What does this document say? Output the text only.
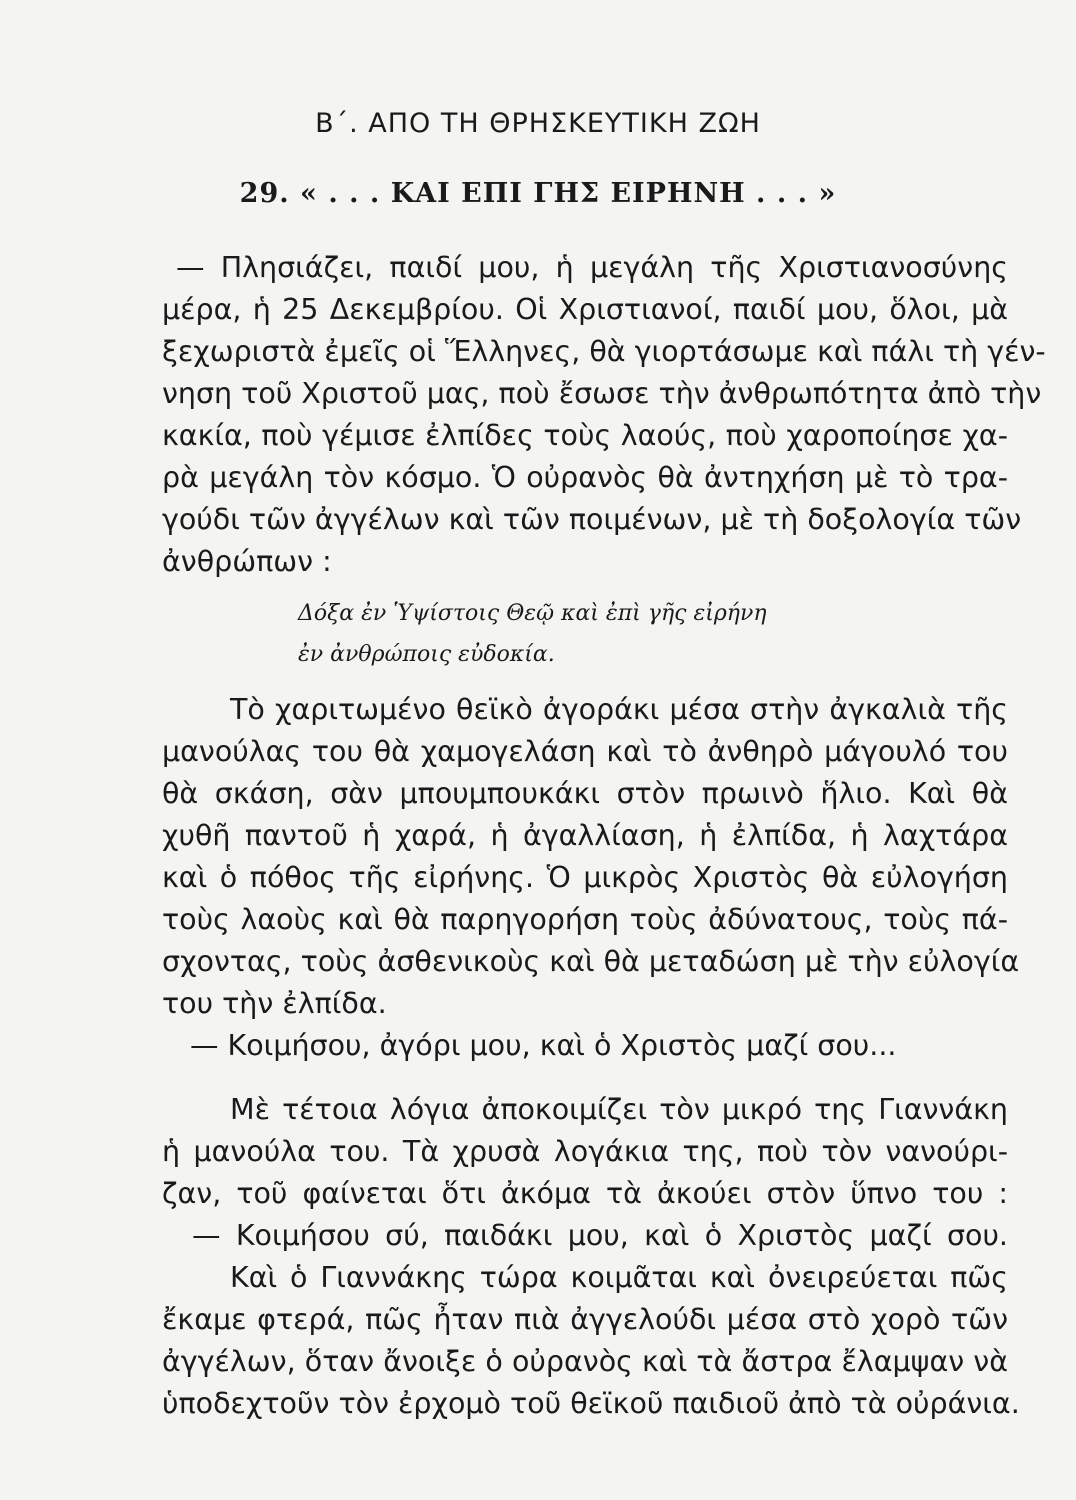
Β΄. ΑΠΟ ΤΗ ΘΡΗΣΚΕΥΤΙΚΗ ΖΩΗ
29. « . . . ΚΑΙ ΕΠΙ ΓΗΣ ΕΙΡΗΝΗ . . . »
— Πλησιάζει, παιδί μου, ἡ μεγάλη τῆς Χριστιανοσύνης
μέρα, ἡ 25 Δεκεμβρίου. Οἱ Χριστιανοί, παιδί μου, ὅλοι, μὰ
ξεχωριστὰ ἐμεῖς οἱ Ἕλληνες, θὰ γιορτάσωμε καὶ πάλι τὴ γέν-
νηση τοῦ Χριστοῦ μας, ποὺ ἔσωσε τὴν ἀνθρωπότητα ἀπὸ τὴν
κακία, ποὺ γέμισε ἐλπίδες τοὺς λαούς, ποὺ χαροποίησε χα-
ρὰ μεγάλη τὸν κόσμο. Ὁ οὐρανὸς θὰ ἀντηχήση μὲ τὸ τρα-
γούδι τῶν ἀγγέλων καὶ τῶν ποιμένων, μὲ τὴ δοξολογία τῶν
ἀνθρώπων :
Δόξα ἐν Ὑψίστοις Θεῷ καὶ ἐπὶ γῆς εἰρήνη
ἐν ἀνθρώποις εὐδοκία.
Τὸ χαριτωμένο θεϊκὸ ἀγοράκι μέσα στὴν ἀγκαλιὰ τῆς
μανούλας του θὰ χαμογελάση καὶ τὸ ἀνθηρὸ μάγουλό του
θὰ σκάση, σὰν μπουμπουκάκι στὸν πρωινὸ ἥλιο. Καὶ θὰ
χυθῆ παντοῦ ἡ χαρά, ἡ ἀγαλλίαση, ἡ ἐλπίδα, ἡ λαχτάρα
καὶ ὁ πόθος τῆς εἰρήνης. Ὁ μικρὸς Χριστὸς θὰ εὐλογήση
τοὺς λαοὺς καὶ θὰ παρηγορήση τοὺς ἀδύνατους, τοὺς πά-
σχοντας, τοὺς ἀσθενικοὺς καὶ θὰ μεταδώση μὲ τὴν εὐλογία
του τὴν ἐλπίδα.
— Κοιμήσου, ἀγόρι μου, καὶ ὁ Χριστὸς μαζί σου...
Μὲ τέτοια λόγια ἀποκοιμίζει τὸν μικρό της Γιαννάκη
ἡ μανούλα του. Τὰ χρυσὰ λογάκια της, ποὺ τὸν νανούρι-
ζαν, τοῦ φαίνεται ὅτι ἀκόμα τὰ ἀκούει στὸν ὕπνο του :
— Κοιμήσου σύ, παιδάκι μου, καὶ ὁ Χριστὸς μαζί σου.
Καὶ ὁ Γιαννάκης τώρα κοιμᾶται καὶ ὀνειρεύεται πῶς
ἔκαμε φτερά, πῶς ἦταν πιὰ ἀγγελούδι μέσα στὸ χορὸ τῶν
ἀγγέλων, ὅταν ἄνοιξε ὁ οὐρανὸς καὶ τὰ ἄστρα ἔλαμψαν νὰ
ὑποδεχτοῦν τὸν ἐρχομὸ τοῦ θεϊκοῦ παιδιοῦ ἀπὸ τὰ οὐράνια.
